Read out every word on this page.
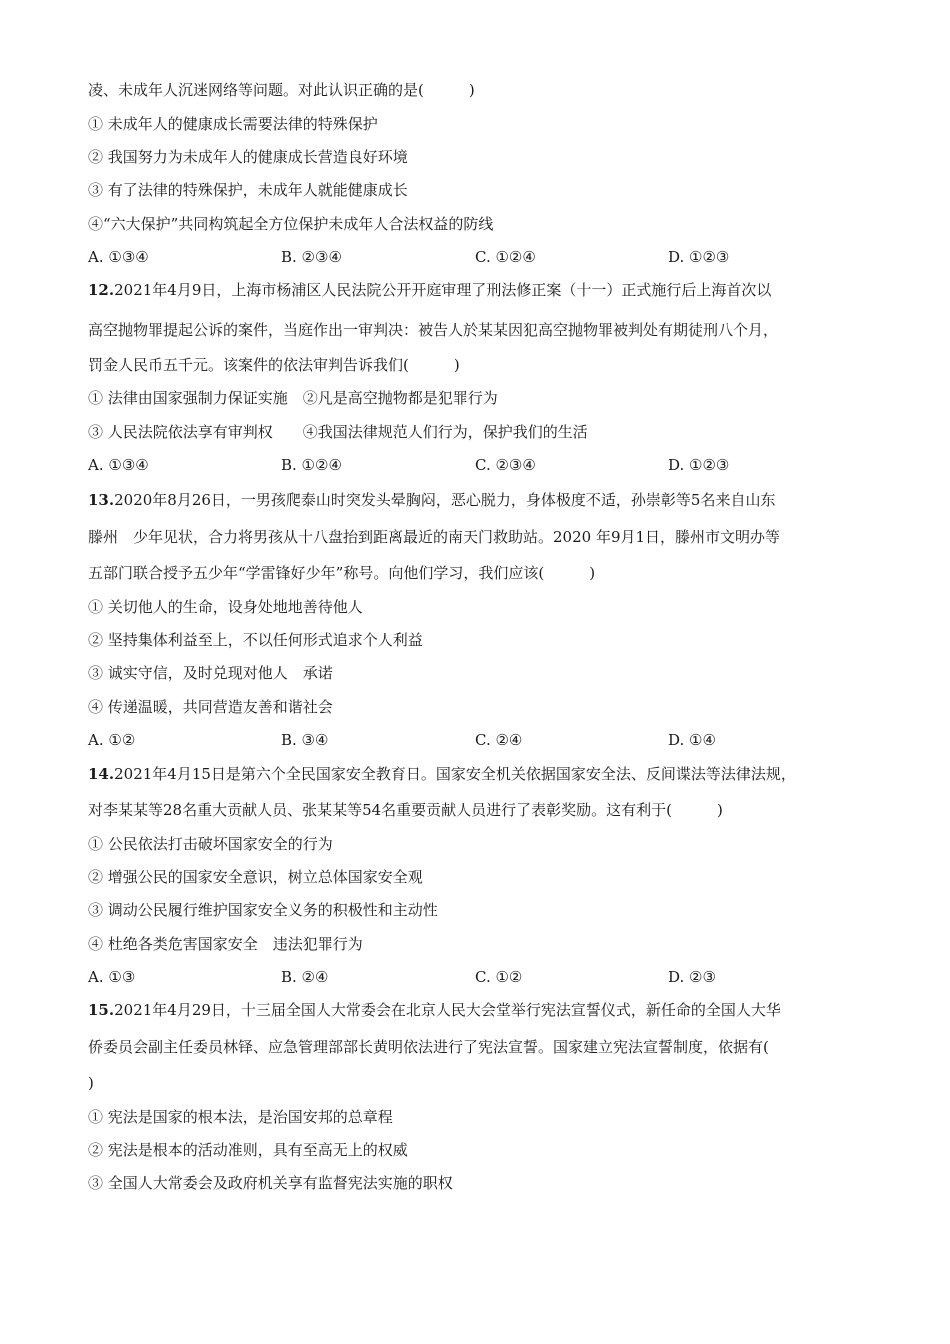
凌、未成年人沉迷网络等问题。对此认识正确的是(　　　)
① 未成年人的健康成长需要法律的特殊保护
② 我国努力为未成年人的健康成长营造良好环境
③ 有了法律的特殊保护，未成年人就能健康成长
④“六大保护”共同构筑起全方位保护未成年人合法权益的防线
A. ①③④	B. ②③④	C. ①②④	D. ①②③
12.2021年4月9日，上海市杨浦区人民法院公开开庭审理了刑法修正案（十一）正式施行后上海首次以
高空抛物罪提起公诉的案件，当庭作出一审判决：被告人於某某因犯高空抛物罪被判处有期徒刑八个月，
罚金人民币五千元。该案件的依法审判告诉我们(　　　)
① 法律由国家强制力保证实施　②凡是高空抛物都是犯罪行为
③ 人民法院依法享有审判权　　④我国法律规范人们行为，保护我们的生活
A. ①③④	B. ①②④	C. ②③④	D. ①②③
13.2020年8月26日，一男孩爬泰山时突发头晕胸闷，恶心脱力，身体极度不适，孙崇彰等5名来自山东
滕州　少年见状，合力将男孩从十八盘抬到距离最近的南天门救助站。2020 年9月1日，滕州市文明办等
五部门联合授予五少年“学雷锋好少年”称号。向他们学习，我们应该(　　　)
① 关切他人的生命，设身处地地善待他人
② 坚持集体利益至上，不以任何形式追求个人利益
③ 诚实守信，及时兑现对他人　承诺
④ 传递温暖，共同营造友善和谐社会
A. ①②	B. ③④	C. ②④	D. ①④
14.2021年4月15日是第六个全民国家安全教育日。国家安全机关依据国家安全法、反间谍法等法律法规，
对李某某等28名重大贡献人员、张某某等54名重要贡献人员进行了表彰奖励。这有利于(　　　)
① 公民依法打击破坏国家安全的行为
② 增强公民的国家安全意识，树立总体国家安全观
③ 调动公民履行维护国家安全义务的积极性和主动性
④ 杜绝各类危害国家安全　违法犯罪行为
A. ①③	B. ②④	C. ①②	D. ②③
15.2021年4月29日，十三届全国人大常委会在北京人民大会堂举行宪法宣誓仪式，新任命的全国人大华
侨委员会副主任委员林铎、应急管理部部长黄明依法进行了宪法宣誓。国家建立宪法宣誓制度，依据有(
)
① 宪法是国家的根本法，是治国安邦的总章程
② 宪法是根本的活动准则，具有至高无上的权威
③ 全国人大常委会及政府机关享有监督宪法实施的职权
